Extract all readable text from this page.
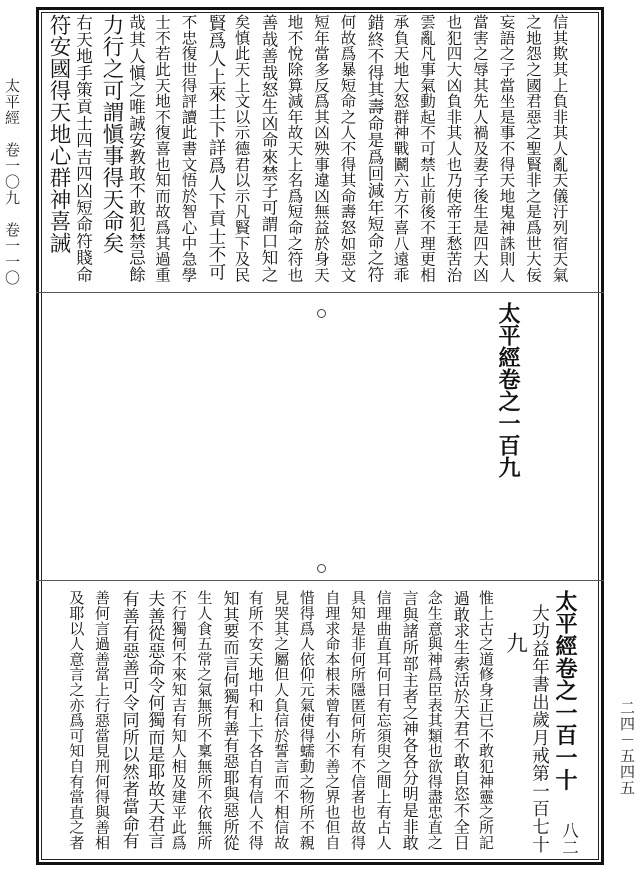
太平經　卷一〇九　卷一一〇
二四－五四五
信其欺其上負非其人亂天儀汙列宿天氣
之地怨之國君惡之聖賢非之是爲世大佞
妄語之子當坐是事不得天地鬼神誅則人
當害之辱其先人禍及妻子後生是四大凶
也犯四大凶負非其人也乃使帝王愁苦治
雲亂凡事氣動起不可禁止前後不理更相
承負天地大怒群神戰鬬六方不喜八遠乖
錯終不得其壽命是爲回減年短命之符
何故爲暴短命之人不得其命壽怒如惡文
短年當多反爲其凶殃事違凶無益於身天
地不悅除算減年故天上名爲短命之符也
善哉善哉怒生凶命來禁子可謂口知之
矣慎此天上文以示德君以示凡賢下及民
賢爲人上來士下詳爲人下貢士不可
不忠復世得評讀此書文悟於智心中急學
士不若此天地不復喜也知而故爲其過重
哉其人愼之唯誠安教敢不敢犯禁忌餘
力行之可謂愼事得天命矣
右天地手策貢士四吉四凶短命符賤命
符安國得天地心群神喜誡
太平經卷之一百九
太平經卷之一百一十
八二
大功益年書出歲月戒第一百七十
九
惟上古之道修身正已不敢犯神靈之所記
過敢求生索活於天君不敢自恣不全日
念生意與神爲臣表其類也欲得盡忠直之
言與諸所部主者之神各各分明是非敢
信理曲直耳何日有忘須臾之間上有占人
具知是非何所隱匿何所有不信者也故得
自理求命本根未曾有小不善之界也但自
惜得爲人依仰元氣使得蠕動之物所不親
見哭其之屬但人負信於誓言而不相信故
有所不安天地中和上下各自有信人不得
知其要而言何獨有善有惡耶與惡所從
生人食五常之氣無所不稟無所不依無所
不行獨何不來知吉有知人相及建平此爲
夫善從惡命令何獨而是耶故天君言
有善有惡善可令同所以然者當命有
善何言過善當上行惡當見刑何得與善相
及耶以人意言之亦爲可知自有當直之者
